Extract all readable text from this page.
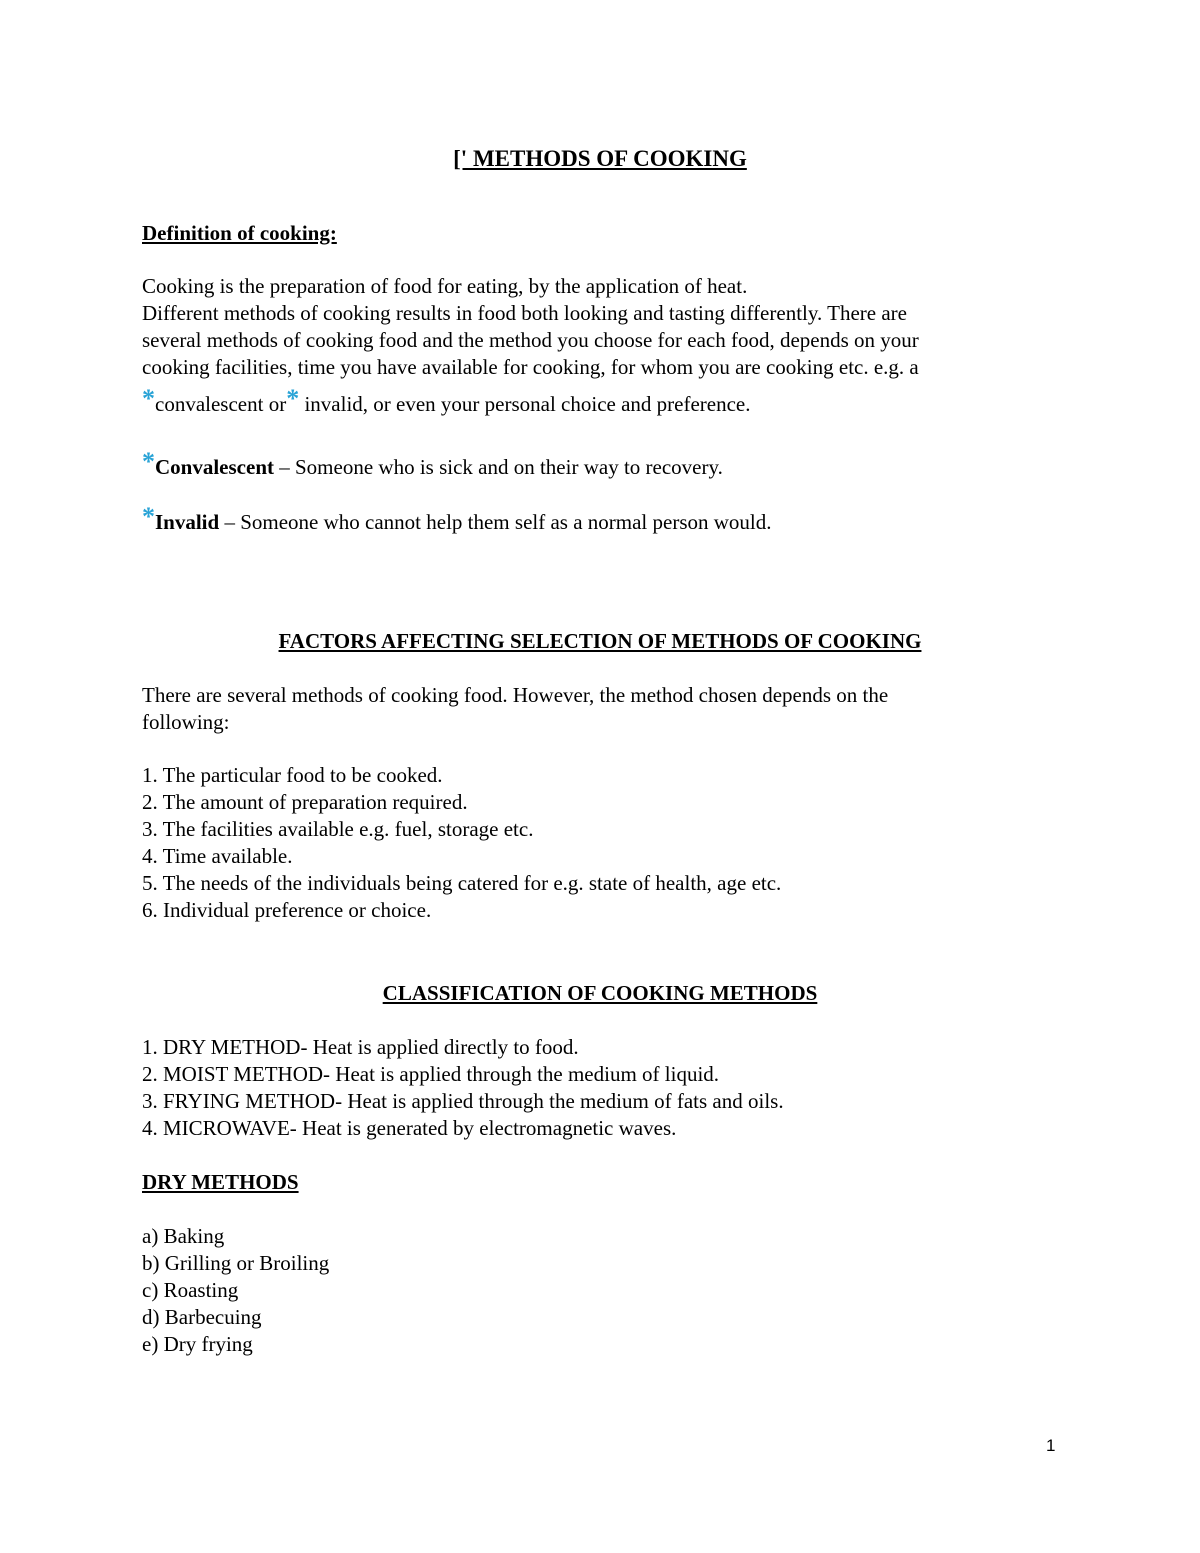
[' METHODS OF COOKING
Definition of cooking:
Cooking is the preparation of food for eating, by the application of heat.
Different methods of cooking results in food both looking and tasting differently. There are
several methods of cooking food and the method you choose for each food, depends on your
cooking facilities, time you have available for cooking, for whom you are cooking etc. e.g. a
*convalescent or* invalid, or even your personal choice and preference.
*Convalescent – Someone who is sick and on their way to recovery.
*Invalid – Someone who cannot help them self as a normal person would.
FACTORS AFFECTING SELECTION OF METHODS OF COOKING
There are several methods of cooking food. However, the method chosen depends on the
following:
1. The particular food to be cooked.
2. The amount of preparation required.
3. The facilities available e.g. fuel, storage etc.
4. Time available.
5. The needs of the individuals being catered for e.g. state of health, age etc.
6. Individual preference or choice.
CLASSIFICATION OF COOKING METHODS
1. DRY METHOD- Heat is applied directly to food.
2. MOIST METHOD- Heat is applied through the medium of liquid.
3. FRYING METHOD- Heat is applied through the medium of fats and oils.
4. MICROWAVE- Heat is generated by electromagnetic waves.
DRY METHODS
a) Baking
b) Grilling or Broiling
c) Roasting
d) Barbecuing
e) Dry frying
1
